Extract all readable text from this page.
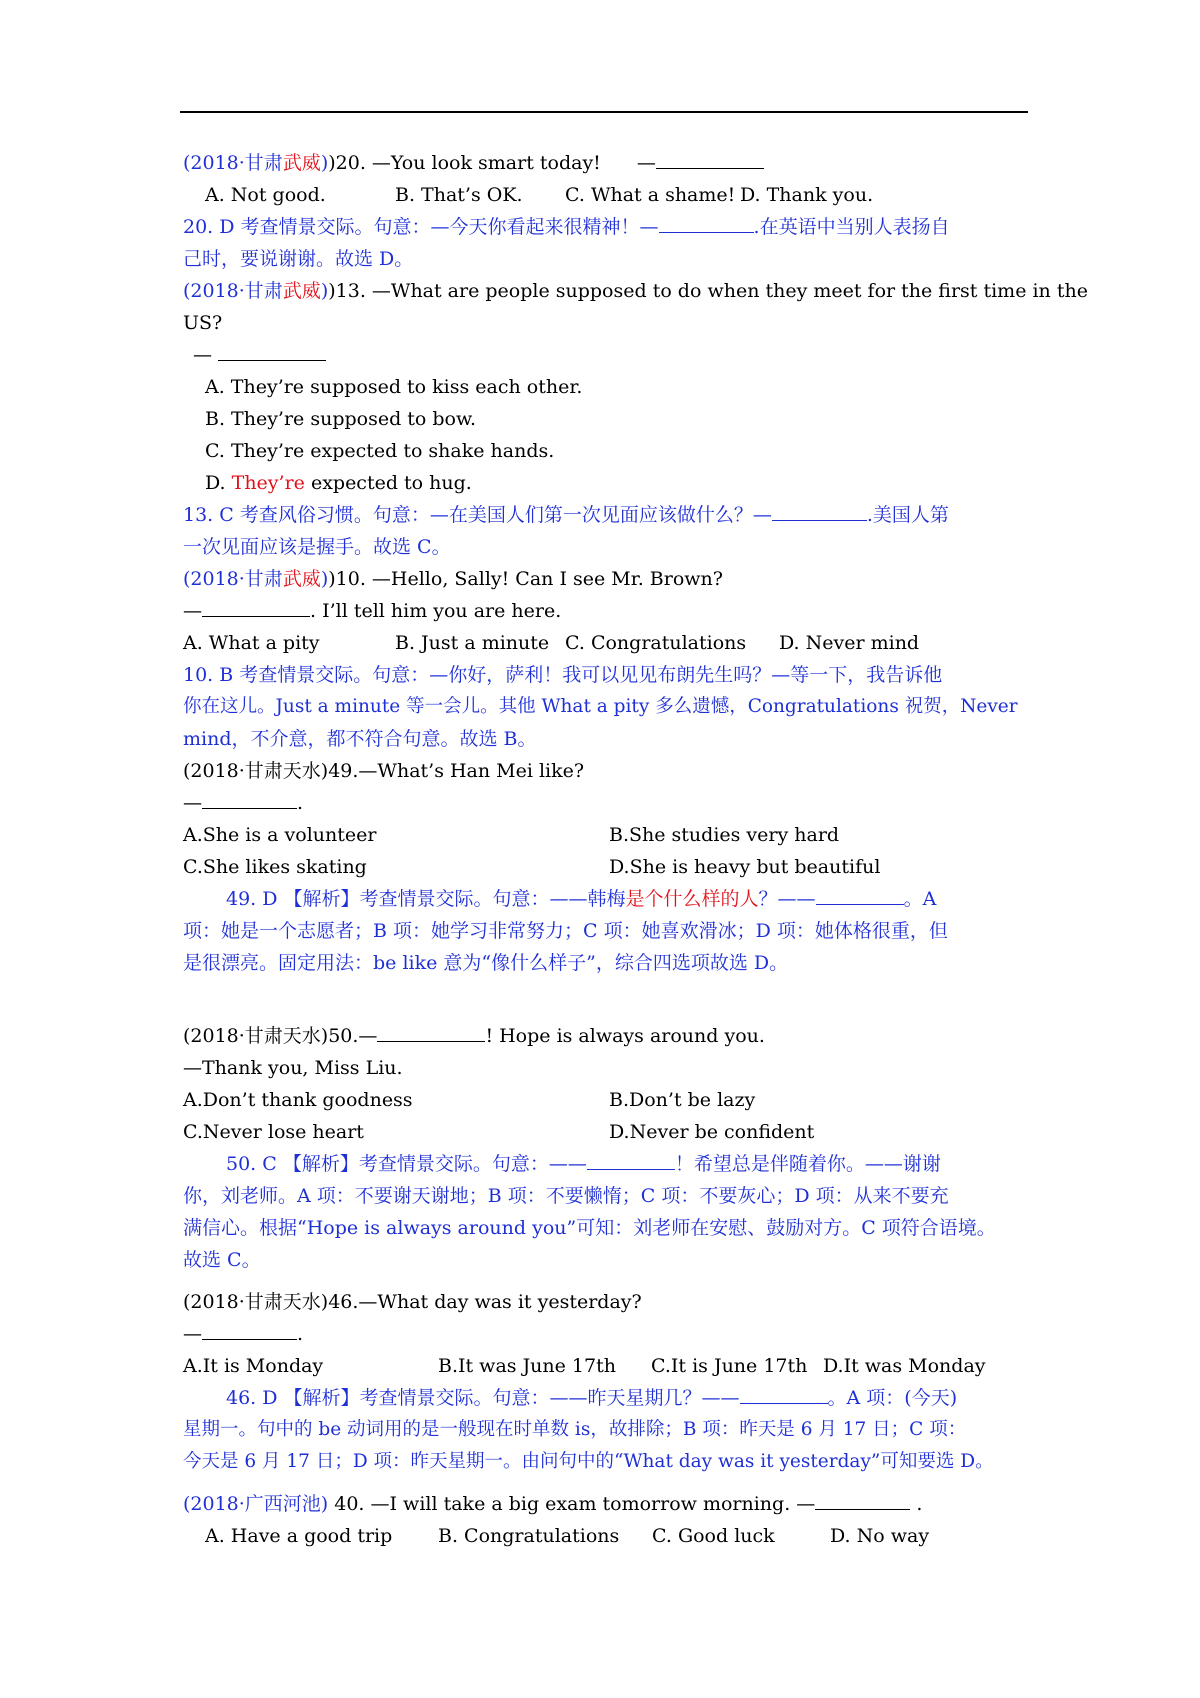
(2018·甘肃武威))20. —You look smart today! —
A. Not good.	B. That’s OK. C. What a shame! D. Thank you.
20. D 考查情景交际。句意：—今天你看起来很精神！—	.在英语中当别人表扬自
己时，要说谢谢。故选 D。
(2018·甘肃武威))13. —What are people supposed to do when they meet for the first time in the
US?
—
A. They’re supposed to kiss each other.
B. They’re supposed to bow.
C. They’re expected to shake hands.
D. They’re expected to hug.
13. C 考查风俗习惯。句意：—在美国人们第一次见面应该做什么？—	.美国人第
一次见面应该是握手。故选 C。
(2018·甘肃武威))10. —Hello, Sally! Can I see Mr. Brown?
—	. I’ll tell him you are here.
A. What a pity	B. Just a minute C. Congratulations D. Never mind
10. B 考查情景交际。句意：—你好，萨利！我可以见见布朗先生吗？—等一下，我告诉他
你在这儿。Just a minute 等一会儿。其他 What a pity 多么遗憾，Congratulations 祝贺，Never
mind，不介意，都不符合句意。故选 B。
(2018·甘肃天水)49.—What’s Han Mei like?
—	.
A.She is a volunteer	B.She studies very hard
C.She likes skating	D.She is heavy but beautiful
49. D 【解析】考查情景交际。句意：——韩梅是个什么样的人？——	。A
项：她是一个志愿者；B 项：她学习非常努力；C 项：她喜欢滑冰；D 项：她体格很重，但
是很漂亮。固定用法：be like 意为“像什么样子”，综合四选项故选 D。
(2018·甘肃天水)50.—	! Hope is always around you.
—Thank you, Miss Liu.
A.Don’t thank goodness	B.Don’t be lazy
C.Never lose heart	D.Never be confident
50. C 【解析】考查情景交际。句意：——	！希望总是伴随着你。——谢谢
你，刘老师。A 项：不要谢天谢地；B 项：不要懒惰；C 项：不要灰心；D 项：从来不要充
满信心。根据“Hope is always around you”可知：刘老师在安慰、鼓励对方。C 项符合语境。
故选 C。
(2018·甘肃天水)46.—What day was it yesterday?
—	.
A.It is Monday	B.It was June 17th C.It is June 17th D.It was Monday
46. D 【解析】考查情景交际。句意：——昨天星期几？——	。A 项：(今天)
星期一。句中的 be 动词用的是一般现在时单数 is，故排除；B 项：昨天是 6 月 17 日；C 项：
今天是 6 月 17 日；D 项：昨天星期一。由问句中的“What day was it yesterday”可知要选 D。
(2018·广西河池) 40. —I will take a big exam tomorrow morning. —	.
A. Have a good trip B. Congratulations C. Good luck	D. No way
